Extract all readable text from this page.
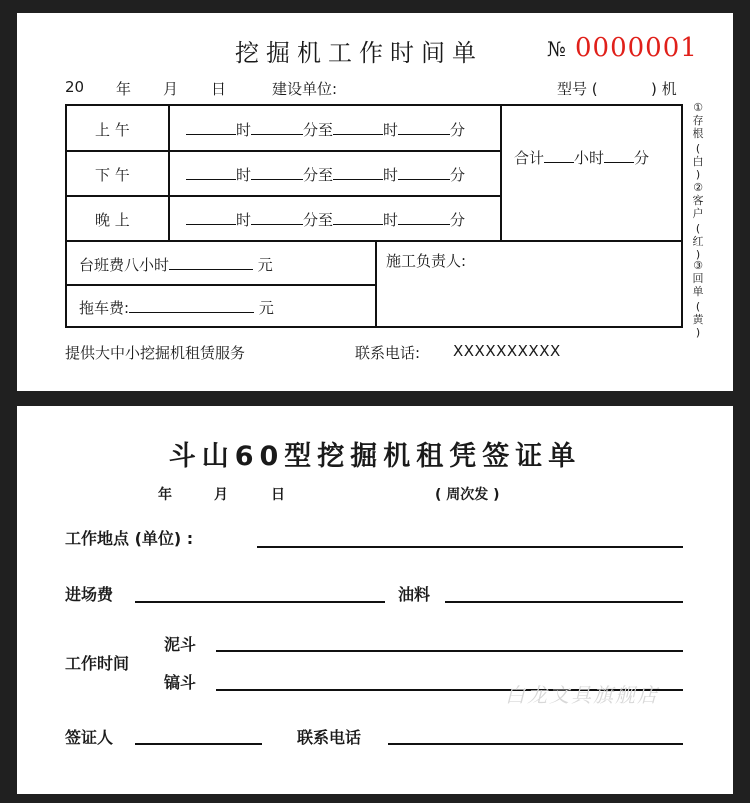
挖掘机工作时间单	№ 0000001
20 年 月 日	建设单位:	型号 (	) 机
上 午	时	分至	时	分
下 午	时	分至	时	分
晚 上	时	分至	时	分
合计 小时 分
台班费八小时	元
拖车费:	元
施工负责人:
①
存
根
(
白
)
②
客
户
(
红
)
③
回
单
(
黄
)
提供大中小挖掘机租赁服务	联系电话: XXXXXXXXXX
斗山60型挖掘机租凭签证单
年	月	日	( 周次发 )
工作地点 (单位) :
进场费	油料
工作时间
泥斗
镐斗
签证人	联系电话
白龙文具旗舰店
